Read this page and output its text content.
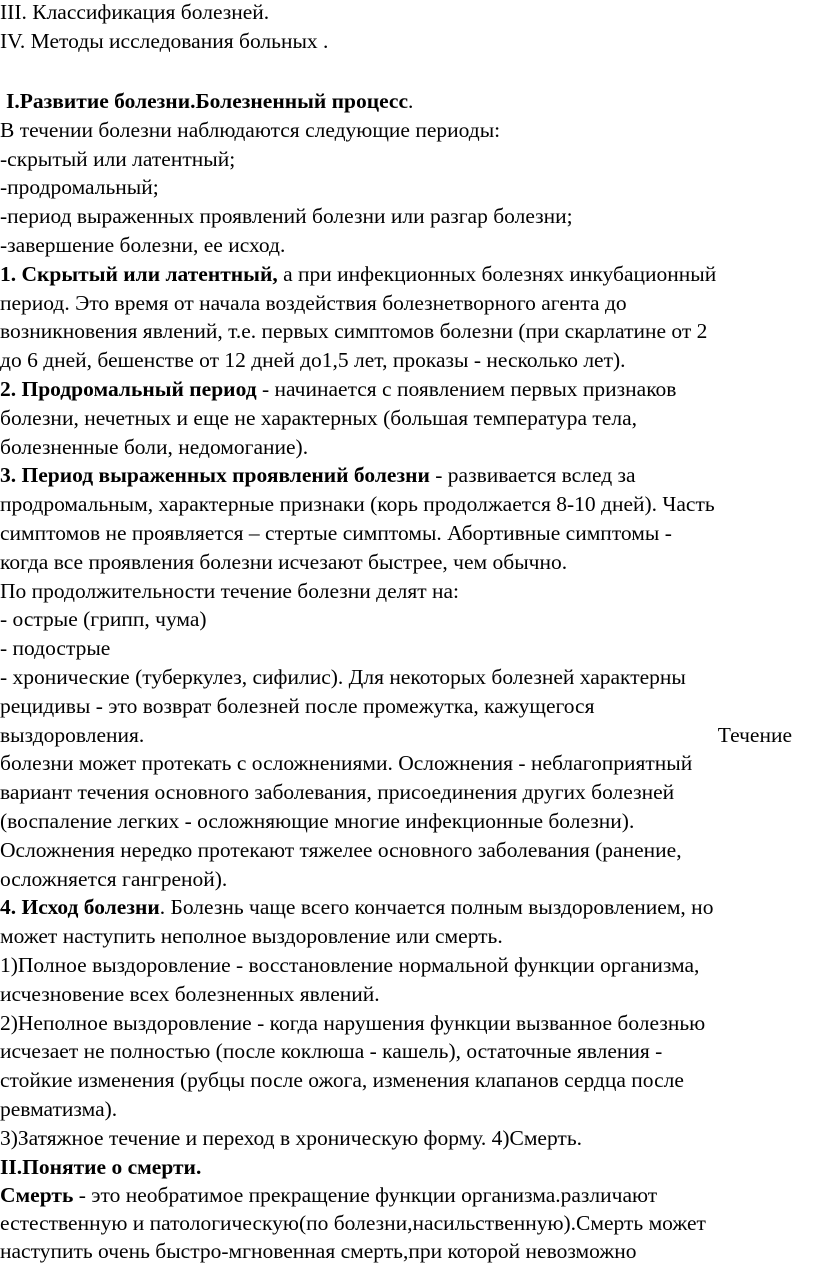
III. Классификация болезней.
IV. Методы исследования больных .
I.Развитие болезни.Болезненный процесс.
В течении болезни наблюдаются следующие периоды:
-скрытый или латентный;
-продромальный;
-период выраженных проявлений болезни или разгар болезни;
-завершение болезни, ее исход.
1. Скрытый или латентный, а при инфекционных болезнях инкубационный
период. Это время от начала воздействия болезнетворного агента до
возникновения явлений, т.е. первых симптомов болезни (при скарлатине от 2
до 6 дней, бешенстве от 12 дней до1,5 лет, проказы - несколько лет).
2. Продромальный период - начинается с появлением первых признаков
болезни, нечетных и еще не характерных (большая температура тела,
болезненные боли, недомогание).
3. Период выраженных проявлений болезни - развивается вслед за
продромальным, характерные признаки (корь продолжается 8-10 дней). Часть
симптомов не проявляется – стертые симптомы. Абортивные симптомы -
когда все проявления болезни исчезают быстрее, чем обычно.
По продолжительности течение болезни делят на:
- острые (грипп, чума)
- подострые
- хронические (туберкулез, сифилис). Для некоторых болезней характерны
рецидивы - это возврат болезней после промежутка, кажущегося
выздоровления.	Течение
болезни может протекать с осложнениями. Осложнения - неблагоприятный
вариант течения основного заболевания, присоединения других болезней
(воспаление легких - осложняющие многие инфекционные болезни).
Осложнения нередко протекают тяжелее основного заболевания (ранение,
осложняется гангреной).
4. Исход болезни. Болезнь чаще всего кончается полным выздоровлением, но
может наступить неполное выздоровление или смерть.
1)Полное выздоровление - восстановление нормальной функции организма,
исчезновение всех болезненных явлений.
2)Неполное выздоровление - когда нарушения функции вызванное болезнью
исчезает не полностью (после коклюша - кашель), остаточные явления -
стойкие изменения (рубцы после ожога, изменения клапанов сердца после
ревматизма).
3)Затяжное течение и переход в хроническую форму. 4)Смерть.
II.Понятие о смерти.
Смерть - это необратимое прекращение функции организма.различают
естественную и патологическую(по болезни,насильственную).Смерть может
наступить очень быстро-мгновенная смерть,при которой невозможно
